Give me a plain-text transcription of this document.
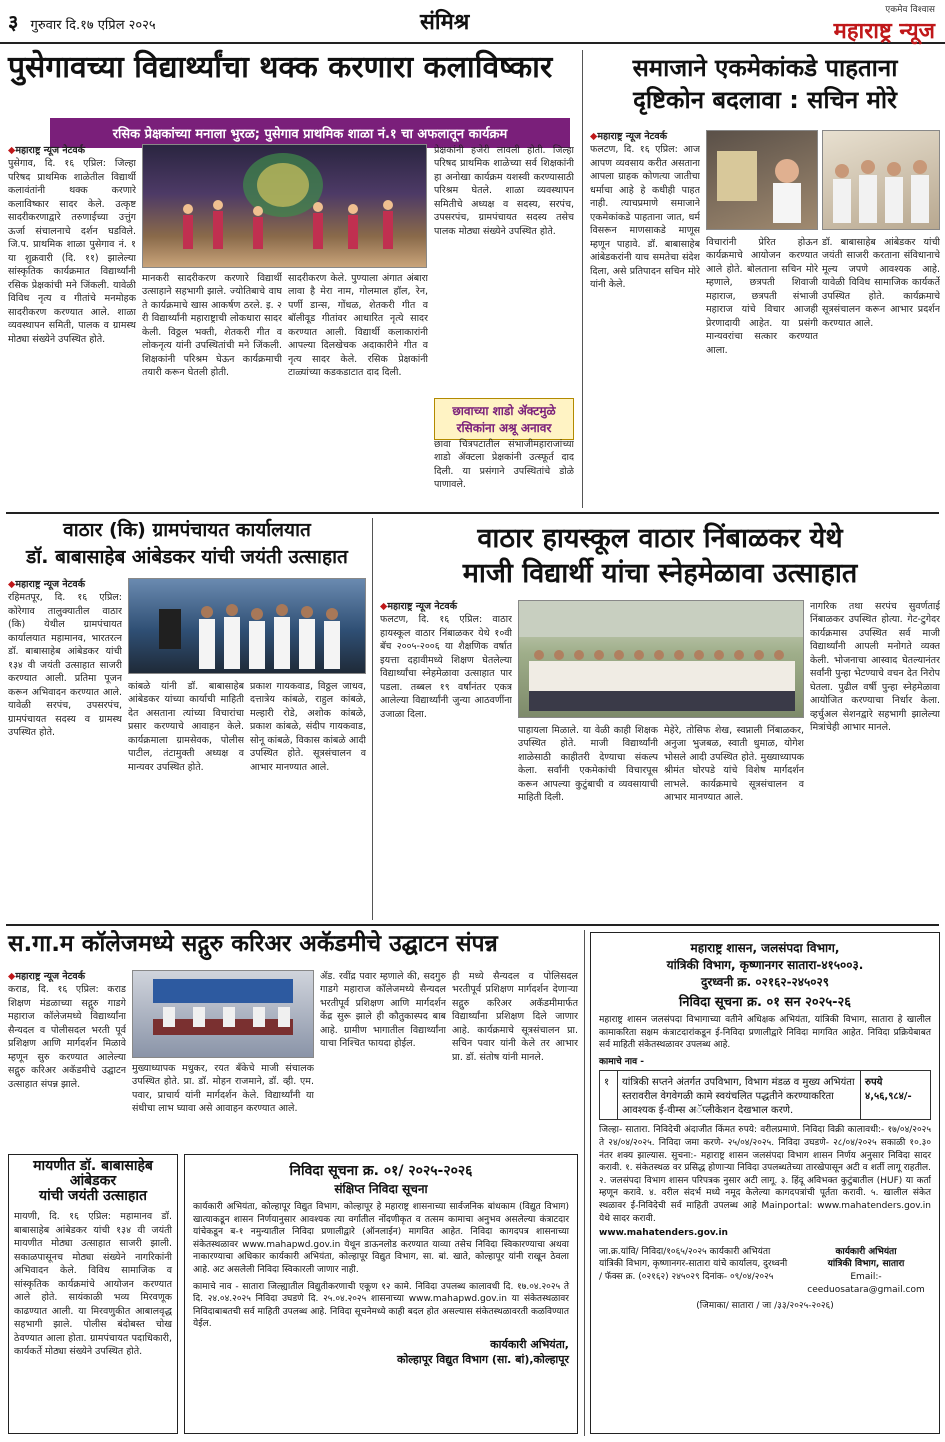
३ गुरुवार दि.१७ एप्रिल २०२५	संमिश्र	एकमेव विश्वास
महाराष्ट्र न्यूज
पुसेगावच्या विद्यार्थ्यांचा थक्क करणारा कलाविष्कार
रसिक प्रेक्षकांच्या मनाला भुरळ; पुसेगाव प्राथमिक शाळा नं.१ चा अफलातून कार्यक्रम
◆ महाराष्ट्र न्यूज नेटवर्क
पुसेगाव, दि. १६ एप्रिल: जिल्हा परिषद प्राथमिक शाळेतील विद्यार्थी कलावंतांनी थक्क करणारे कलाविष्कार सादर केले. उत्कृष्ट सादरीकरणाद्वारे तरुणाईच्या उत्तुंग ऊर्जा संचालनाचे दर्शन घडविले. जि.प. प्राथमिक शाळा पुसेगाव नं. १ या शुक्रवारी (दि. ११) झालेल्या सांस्कृतिक कार्यक्रमात विद्यार्थ्यांनी रसिक प्रेक्षकांची मने जिंकली. यावेळी विविध नृत्य व गीतांचे मनमोहक सादरीकरण करण्यात आले. शाळा व्यवस्थापन समिती, पालक व ग्रामस्थ मोठ्या संख्येने उपस्थित होते.
मानकरी सादरीकरण करणारे विद्यार्थी उत्साहाने सहभागी झाले. ज्योतिबाचे वाघ ते कार्यक्रमाचे खास आकर्षण ठरले. इ. २ री विद्यार्थ्यांनी महाराष्ट्राची लोकधारा सादर केली. विठ्ठल भक्ती, शेतकरी गीत व लोकनृत्य यांनी उपस्थितांची मने जिंकली. शिक्षकांनी परिश्रम घेऊन कार्यक्रमाची तयारी करून घेतली होती.
सादरीकरण केले. पुण्याला अंगात अंबारा लावा है मेरा नाम, गोलमाल हॉल, रेन, पर्णी डान्स, गोंधळ, शेतकरी गीत व बॉलीवूड गीतांवर आधारित नृत्ये सादर करण्यात आली. विद्यार्थी कलाकारांनी आपल्या दिलखेचक अदाकारीने गीत व नृत्य सादर केले. रसिक प्रेक्षकांनी टाळ्यांच्या कडकडाटात दाद दिली.
प्रेक्षकांनी हजेरी लावली होती. जिल्हा परिषद प्राथमिक शाळेच्या सर्व शिक्षकांनी हा अनोखा कार्यक्रम यशस्वी करण्यासाठी परिश्रम घेतले. शाळा व्यवस्थापन समितीचे अध्यक्ष व सदस्य, सरपंच, उपसरपंच, ग्रामपंचायत सदस्य तसेच पालक मोठ्या संख्येने उपस्थित होते.
छावाच्या शाडो ॲक्टमुळे रसिकांना अश्रू अनावर
छावा चित्रपटातील संभाजीमहाराजांच्या शाडो ॲक्टला प्रेक्षकांनी उत्स्फूर्त दाद दिली. या प्रसंगाने उपस्थितांचे डोळे पाणावले.
समाजाने एकमेकांकडे पाहताना
दृष्टिकोन बदलावा : सचिन मोरे
◆ महाराष्ट्र न्यूज नेटवर्क
फलटण, दि. १६ एप्रिल: आज आपण व्यवसाय करीत असताना आपला ग्राहक कोणत्या जातीचा धर्माचा आहे हे कधीही पाहत नाही. त्याचप्रमाणे समाजाने एकमेकांकडे पाहताना जात, धर्म विसरून माणसाकडे माणूस म्हणून पाहावे. डॉ. बाबासाहेब आंबेडकरांनी याच समतेचा संदेश दिला, असे प्रतिपादन सचिन मोरे यांनी केले.
विचारांनी प्रेरित होऊन कार्यक्रमाचे आयोजन करण्यात आले होते. बोलताना सचिन मोरे म्हणाले, छत्रपती शिवाजी महाराज, छत्रपती संभाजी महाराज यांचे विचार आजही प्रेरणादायी आहेत. या प्रसंगी मान्यवरांचा सत्कार करण्यात आला.
डॉ. बाबासाहेब आंबेडकर यांची जयंती साजरी करताना संविधानाचे मूल्य जपणे आवश्यक आहे. यावेळी विविध सामाजिक कार्यकर्ते उपस्थित होते. कार्यक्रमाचे सूत्रसंचालन करून आभार प्रदर्शन करण्यात आले.
वाठार (कि) ग्रामपंचायत कार्यालयात
डॉ. बाबासाहेब आंबेडकर यांची जयंती उत्साहात
◆ महाराष्ट्र न्यूज नेटवर्क
रहिमतपूर, दि. १६ एप्रिल: कोरेगाव तालुक्यातील वाठार (कि) येथील ग्रामपंचायत कार्यालयात महामानव, भारतरत्न डॉ. बाबासाहेब आंबेडकर यांची १३४ वी जयंती उत्साहात साजरी करण्यात आली. प्रतिमा पूजन करून अभिवादन करण्यात आले. यावेळी सरपंच, उपसरपंच, ग्रामपंचायत सदस्य व ग्रामस्थ उपस्थित होते.
कांबळे यांनी डॉ. बाबासाहेब आंबेडकर यांच्या कार्याची माहिती देत असताना त्यांच्या विचारांचा प्रसार करण्याचे आवाहन केले. कार्यक्रमाला ग्रामसेवक, पोलीस पाटील, तंटामुक्ती अध्यक्ष व मान्यवर उपस्थित होते.
प्रकाश गायकवाड, विठ्ठल जाधव, दत्तात्रेय कांबळे, राहुल कांबळे, मल्हारी रोडे, अशोक कांबळे, प्रकाश कांबळे, संदीप गायकवाड, सोनू कांबळे, विकास कांबळे आदी उपस्थित होते. सूत्रसंचालन व आभार मानण्यात आले.
वाठार हायस्कूल वाठार निंबाळकर येथे
माजी विद्यार्थी यांचा स्नेहमेळावा उत्साहात
◆ महाराष्ट्र न्यूज नेटवर्क
फलटण, दि. १६ एप्रिल: वाठार हायस्कूल वाठार निंबाळकर येथे १०वी बॅच २००५-२००६ या शैक्षणिक वर्षात इयत्ता दहावीमध्ये शिक्षण घेतलेल्या विद्यार्थ्यांचा स्नेहमेळावा उत्साहात पार पडला. तब्बल १९ वर्षांनंतर एकत्र आलेल्या विद्यार्थ्यांनी जुन्या आठवणींना उजाळा दिला.
पाहायला मिळाले. या वेळी काही शिक्षक उपस्थित होते. माजी विद्यार्थ्यांनी शाळेसाठी काहीतरी देण्याचा संकल्प केला. सर्वांनी एकमेकांची विचारपूस करून आपल्या कुटुंबाची व व्यवसायाची माहिती दिली.
मेहेरे, तोसिफ शेख, स्वप्नाली निंबाळकर, अनुजा भुजबळ, स्वाती धुमाळ, योगेश भोसले आदी उपस्थित होते. मुख्याध्यापक श्रीमंत घोरपडे यांचे विशेष मार्गदर्शन लाभले. कार्यक्रमाचे सूत्रसंचालन व आभार मानण्यात आले.
नागरिक तथा सरपंच सुवर्णताई निंबाळकर उपस्थित होत्या. गेट-टुगेदर कार्यक्रमास उपस्थित सर्व माजी विद्यार्थ्यांनी आपली मनोगते व्यक्त केली. भोजनाचा आस्वाद घेतल्यानंतर सर्वांनी पुन्हा भेटण्याचे वचन देत निरोप घेतला. पुढील वर्षी पुन्हा स्नेहमेळावा आयोजित करण्याचा निर्धार केला. व्हर्चुअल सेशनद्वारे सहभागी झालेल्या मित्रांचेही आभार मानले.
स.गा.म कॉलेजमध्ये सद्गुरु करिअर अकॅडमीचे उद्घाटन संपन्न
◆ महाराष्ट्र न्यूज नेटवर्क
कराड, दि. १६ एप्रिल: कराड शिक्षण मंडळाच्या सद्गुरु गाडगे महाराज कॉलेजमध्ये विद्यार्थ्यांना सैन्यदल व पोलीसदल भरती पूर्व प्रशिक्षण आणि मार्गदर्शन मिळावे म्हणून सुरु करण्यात आलेल्या सद्गुरु करिअर अकॅडमीचे उद्घाटन उत्साहात संपन्न झाले.
मुख्याध्यापक मधुकर, रयत बँकेचे माजी संचालक उपस्थित होते. प्रा. डॉ. मोहन राजमाने, डॉ. व्ही. एम. पवार, प्राचार्य यांनी मार्गदर्शन केले. विद्यार्थ्यांनी या संधीचा लाभ घ्यावा असे आवाहन करण्यात आले.
ॲड. रवींद्र पवार म्हणाले की, सदगुरु गाडगे महाराज कॉलेजमध्ये सैन्यदल भरतीपूर्व प्रशिक्षण आणि मार्गदर्शन केंद्र सुरू झाले ही कौतुकास्पद बाब आहे. ग्रामीण भागातील विद्यार्थ्यांना याचा निश्चित फायदा होईल.
ही मध्ये सैन्यदल व पोलिसदल भरतीपूर्व प्रशिक्षण मार्गदर्शन देणाऱ्या सद्गुरु करिअर अकॅडमीमार्फत विद्यार्थ्यांना प्रशिक्षण दिले जाणार आहे. कार्यक्रमाचे सूत्रसंचालन प्रा. सचिन पवार यांनी केले तर आभार प्रा. डॉ. संतोष यांनी मानले.
मायणीत डॉ. बाबासाहेब आंबेडकर
यांची जयंती उत्साहात
मायणी, दि. १६ एप्रिल: महामानव डॉ. बाबासाहेब आंबेडकर यांची १३४ वी जयंती मायणीत मोठ्या उत्साहात साजरी झाली. सकाळपासूनच मोठ्या संख्येने नागरिकांनी अभिवादन केले. विविध सामाजिक व सांस्कृतिक कार्यक्रमांचे आयोजन करण्यात आले होते. सायंकाळी भव्य मिरवणूक काढण्यात आली. या मिरवणुकीत आबालवृद्ध सहभागी झाले. पोलीस बंदोबस्त चोख ठेवण्यात आला होता. ग्रामपंचायत पदाधिकारी, कार्यकर्ते मोठ्या संख्येने उपस्थित होते.
निविदा सूचना क्र. ०१/ २०२५-२०२६
संक्षिप्त निविदा सूचना
कार्यकारी अभियंता, कोल्हापूर विद्युत विभाग, कोल्हापूर हे महाराष्ट्र शासनाच्या सार्वजनिक बांधकाम (विद्युत विभाग) खात्याकडून शासन निर्णयानुसार आवश्यक त्या वर्गातील नोंदणीकृत व तत्सम कामाचा अनुभव असलेल्या कंत्राटदार यांचेकडून ब-१ नमुन्यातील निविदा प्रणालीद्वारे (ऑनलाईन) मागवित आहेत. निविदा कागदपत्र शासनाच्या संकेतस्थळावर www.mahapwd.gov.in येथून डाऊनलोड करण्यात याव्या तसेच निविदा स्विकारण्याचा अथवा नाकारण्याचा अधिकार कार्यकारी अभियंता, कोल्हापूर विद्युत विभाग, सा. बां. खाते, कोल्हापूर यांनी राखून ठेवला आहे. अट असलेली निविदा स्विकारली जाणार नाही.
कामाचे नाव - सातारा जिल्ह्यातील विद्युतीकरणाची एकूण १२ कामे. निविदा उपलब्ध कालावधी दि. १७.०४.२०२५ ते दि. २४.०४.२०२५ निविदा उघडणे दि. २५.०४.२०२५ शासनाच्या www.mahapwd.gov.in या संकेतस्थळावर निविदाबाबतची सर्व माहिती उपलब्ध आहे. निविदा सूचनेमध्ये काही बदल होत असल्यास संकेतस्थळावरती कळविण्यात येईल.
कार्यकारी अभियंता,
कोल्हापूर विद्युत विभाग (सा. बां),कोल्हापूर
महाराष्ट्र शासन, जलसंपदा विभाग,
यांत्रिकी विभाग, कृष्णानगर सातारा-४१५००३.
दुरध्वनी क्र. ०२१६२-२४५०२९
निविदा सूचना क्र. ०१ सन २०२५-२६
महाराष्ट्र शासन जलसंपदा विभागाच्या वतीने अधिक्षक अभियंता, यांत्रिकी विभाग, सातारा हे खालील कामाकरिता सक्षम कंत्राटदारांकडून ई-निविदा प्रणालीद्वारे निविदा मागवित आहेत. निविदा प्रक्रियेबाबत सर्व माहिती संकेतस्थळावर उपलब्ध आहे.
कामाचे नाव -
१	यांत्रिकी सप्तने अंतर्गत उपविभाग, विभाग मंडळ व मुख्य अभियंता स्तरावरील वेगवेगळी कामे स्वयंचलित पद्धतीने करण्याकरिता आवश्यक ई-वीम्स अॅप्लीकेशन देखभाल करणे.	रुपये ४,५६,९८४/-
जिल्हा- सातारा. निविदेची अंदाजीत किंमत रुपये: वरीलप्रमाणे. निविदा विक्री कालावधी:- १७/०४/२०२५ ते २४/०४/२०२५. निविदा जमा करणे- २५/०४/२०२५. निविदा उघडणे- २८/०४/२०२५ सकाळी १०.३० नंतर शक्य झाल्यास. सुचना:- महाराष्ट्र शासन जलसंपदा विभाग शासन निर्णय अनुसार निविदा सादर करावी. १. संकेतस्थळ वर प्रसिद्ध होणाऱ्या निविदा उपलब्धतेच्या तारखेपासून अटी व शर्ती लागू राहतील. २. जलसंपदा विभाग शासन परिपत्रक नुसार अटी लागू. ३. हिंदू अविभक्त कुटुंबातील (HUF) या कर्ता म्हणून करावे. ४. वरील संदर्भ मध्ये नमूद केलेल्या कागदपत्रांची पूर्तता करावी. ५. खालील संकेत स्थळावर ई-निविदेची सर्व माहिती उपलब्ध आहे Mainportal: www.mahatenders.gov.in येथे सादर करावी.
www.mahatenders.gov.in
जा.क्र.यांवि/ निविदा/१०६५/२०२५ कार्यकारी अभियंता यांत्रिकी विभाग, कृष्णानगर-सातारा यांचे कार्यालय, दुरध्वनी / फॅक्स क्र. (०२१६२) २४५०२९ दिनांक- ०९/०४/२०२५
कार्यकारी अभियंता
यांत्रिकी विभाग, सातारा
Email:- ceeduosatara@gmail.com
(जिमाका/ सातारा / जा /३३/२०२५-२०२६)
